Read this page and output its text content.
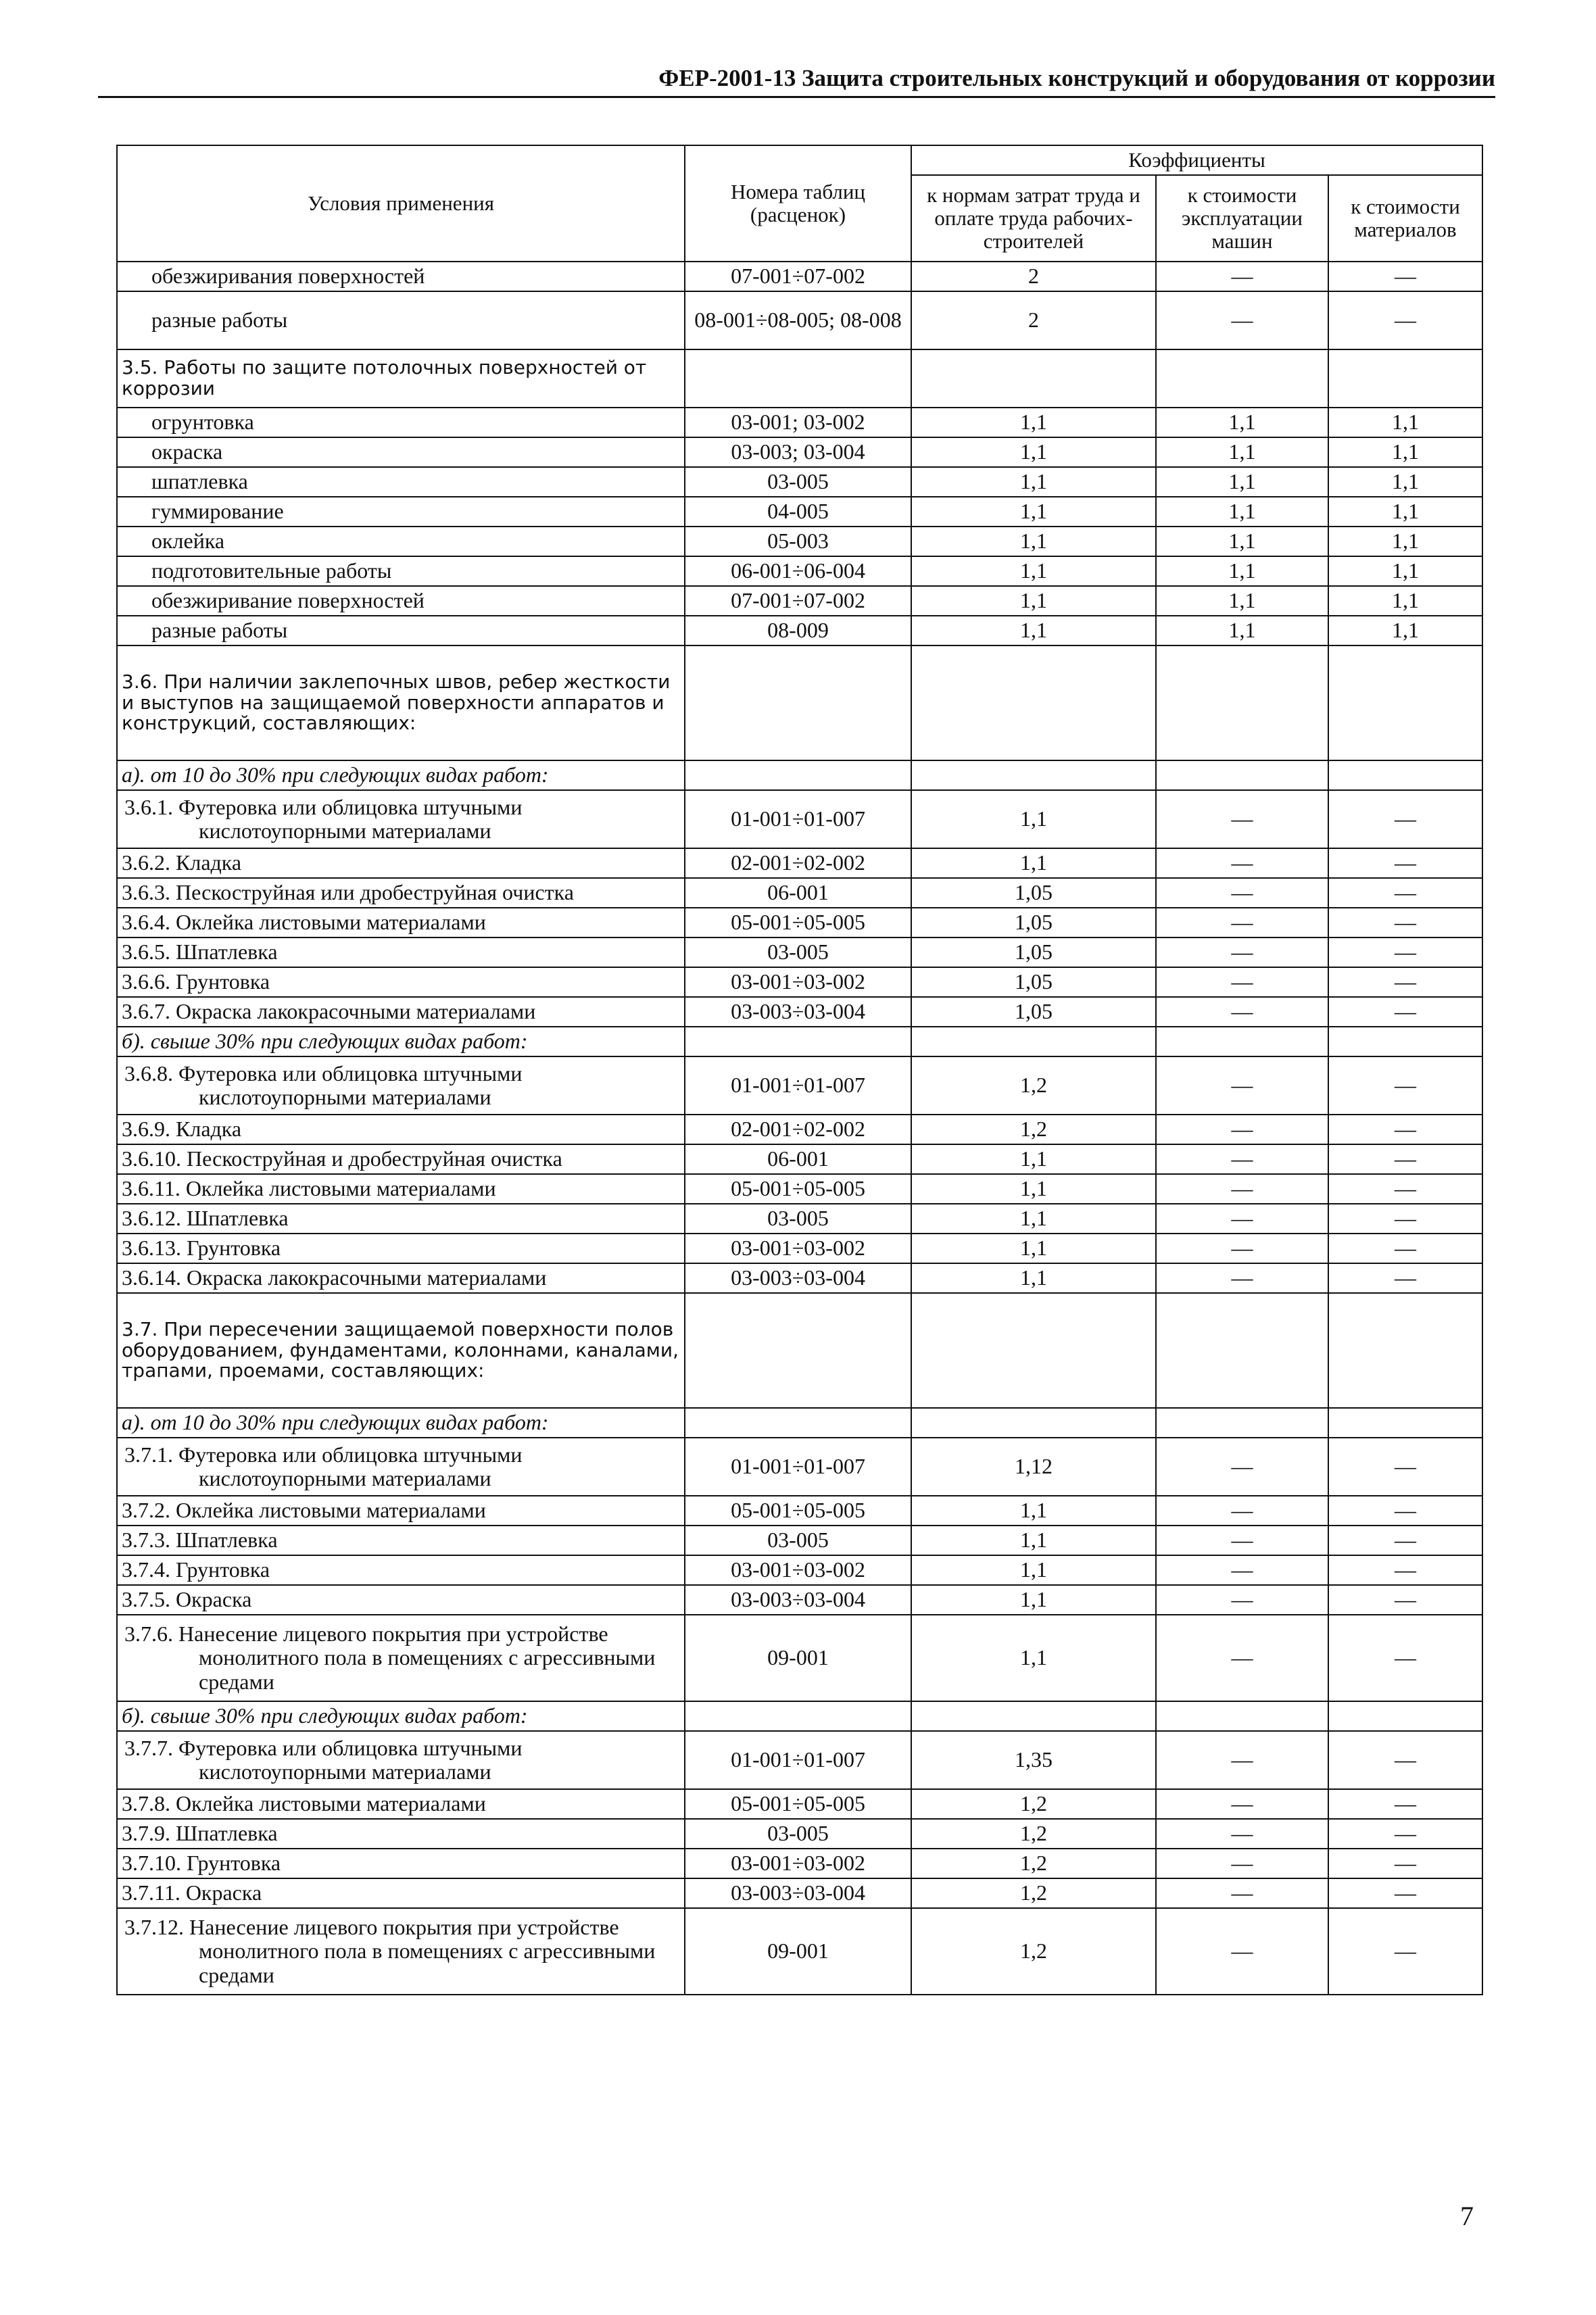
ФЕР-2001-13 Защита строительных конструкций и оборудования от коррозии
Условия применения	Номера таблиц (расценок)	Коэффициенты		
		к нормам затрат труда и оплате труда рабочих-строителей	к стоимости эксплуатации машин	к стоимости материалов
обезжиривания поверхностей	07-001÷07-002	2	—	—
разные работы	08-001÷08-005; 08-008	2	—	—
3.5. Работы по защите потолочных поверхностей от коррозии				
огрунтовка	03-001; 03-002	1,1	1,1	1,1
окраска	03-003; 03-004	1,1	1,1	1,1
шпатлевка	03-005	1,1	1,1	1,1
гуммирование	04-005	1,1	1,1	1,1
оклейка	05-003	1,1	1,1	1,1
подготовительные работы	06-001÷06-004	1,1	1,1	1,1
обезжиривание поверхностей	07-001÷07-002	1,1	1,1	1,1
разные работы	08-009	1,1	1,1	1,1
3.6. При наличии заклепочных швов, ребер жесткости и выступов на защищаемой поверхности аппаратов и конструкций, составляющих:				
а). от 10 до 30% при следующих видах работ:				
3.6.1. Футеровка или облицовка штучными кислотоупорными материалами	01-001÷01-007	1,1	—	—
3.6.2. Кладка	02-001÷02-002	1,1	—	—
3.6.3. Пескоструйная или дробеструйная очистка	06-001	1,05	—	—
3.6.4. Оклейка листовыми материалами	05-001÷05-005	1,05	—	—
3.6.5. Шпатлевка	03-005	1,05	—	—
3.6.6. Грунтовка	03-001÷03-002	1,05	—	—
3.6.7. Окраска лакокрасочными материалами	03-003÷03-004	1,05	—	—
б). свыше 30% при следующих видах работ:				
3.6.8. Футеровка или облицовка штучными кислотоупорными материалами	01-001÷01-007	1,2	—	—
3.6.9. Кладка	02-001÷02-002	1,2	—	—
3.6.10. Пескоструйная и дробеструйная очистка	06-001	1,1	—	—
3.6.11. Оклейка листовыми материалами	05-001÷05-005	1,1	—	—
3.6.12. Шпатлевка	03-005	1,1	—	—
3.6.13. Грунтовка	03-001÷03-002	1,1	—	—
3.6.14. Окраска лакокрасочными материалами	03-003÷03-004	1,1	—	—
3.7. При пересечении защищаемой поверхности полов оборудованием, фундаментами, колоннами, каналами, трапами, проемами, составляющих:				
а). от 10 до 30% при следующих видах работ:				
3.7.1. Футеровка или облицовка штучными кислотоупорными материалами	01-001÷01-007	1,12	—	—
3.7.2. Оклейка листовыми материалами	05-001÷05-005	1,1	—	—
3.7.3. Шпатлевка	03-005	1,1	—	—
3.7.4. Грунтовка	03-001÷03-002	1,1	—	—
3.7.5. Окраска	03-003÷03-004	1,1	—	—
3.7.6. Нанесение лицевого покрытия при устройстве монолитного пола в помещениях с агрессивными средами	09-001	1,1	—	—
б). свыше 30% при следующих видах работ:				
3.7.7. Футеровка или облицовка штучными кислотоупорными материалами	01-001÷01-007	1,35	—	—
3.7.8. Оклейка листовыми материалами	05-001÷05-005	1,2	—	—
3.7.9. Шпатлевка	03-005	1,2	—	—
3.7.10. Грунтовка	03-001÷03-002	1,2	—	—
3.7.11. Окраска	03-003÷03-004	1,2	—	—
3.7.12. Нанесение лицевого покрытия при устройстве монолитного пола в помещениях с агрессивными средами	09-001	1,2	—	—
7
